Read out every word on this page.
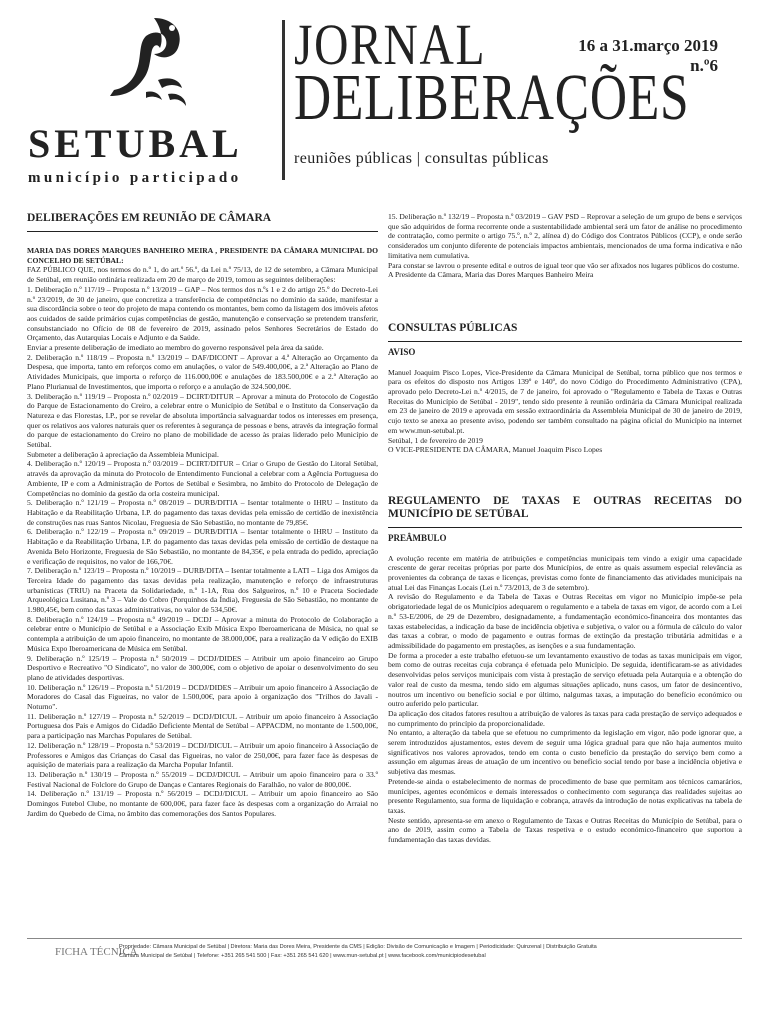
SETUBAL
município participado
JORNAL
DELIBERAÇÕES
16 a 31.março 2019
n.º6
reuniões públicas | consultas públicas
DELIBERAÇÕES EM REUNIÃO DE CÂMARA

MARIA DAS DORES MARQUES BANHEIRO MEIRA , PRESIDENTE DA CÂMARA MUNICIPAL DO CONCELHO DE SETÚBAL:

FAZ PÚBLICO QUE, nos termos do n.º 1, do art.º 56.º, da Lei n.º 75/13, de 12 de setembro, a Câmara Municipal de Setúbal, em reunião ordinária realizada em 20 de março de 2019, tomou as seguintes deliberações:

1. Deliberação n.º 117/19 – Proposta n.º 13/2019 – GAP – Nos termos dos n.ºs 1 e 2 do artigo 25.º do Decreto-Lei n.º 23/2019, de 30 de janeiro, que concretiza a transferência de competências no domínio da saúde, manifestar a sua discordância sobre o teor do projeto de mapa contendo os montantes, bem como da listagem dos imóveis afetos aos cuidados de saúde primários cujas competências de gestão, manutenção e conservação se pretendem transferir, consubstanciado no Ofício de 08 de fevereiro de 2019, assinado pelos Senhores Secretários de Estado do Orçamento, das Autarquias Locais e Adjunto e da Saúde.

Enviar a presente deliberação de imediato ao membro do governo responsável pela área da saúde.

2. Deliberação n.º 118/19 – Proposta n.º 13/2019 – DAF/DICONT – Aprovar a 4.ª Alteração ao Orçamento da Despesa, que importa, tanto em reforços como em anulações, o valor de 549.400,00€, a 2.ª Alteração ao Plano de Atividades Municipais, que importa o reforço de 116.000,00€ e anulações de 183.500,00€ e a 2.ª Alteração ao Plano Plurianual de Investimentos, que importa o reforço e a anulação de 324.500,00€.

3. Deliberação n.º 119/19 – Proposta n.º 02/2019 – DCIRT/DITUR – Aprovar a minuta do Protocolo de Cogestão do Parque de Estacionamento do Creiro, a celebrar entre o Município de Setúbal e o Instituto da Conservação da Natureza e das Florestas, I.P., por se revelar de absoluta importância salvaguardar todos os interesses em presença, quer os relativos aos valores naturais quer os referentes à segurança de pessoas e bens, através da integração formal do parque de estacionamento do Creiro no plano de mobilidade de acesso às praias liderado pelo Município de Setúbal.

Submeter a deliberação à apreciação da Assembleia Municipal.

4. Deliberação n.º 120/19 – Proposta n.º 03/2019 – DCIRT/DITUR – Criar o Grupo de Gestão do Litoral Setúbal, através da aprovação da minuta do Protocolo de Entendimento Funcional a celebrar com a Agência Portuguesa do Ambiente, IP e com a Administração de Portos de Setúbal e Sesimbra, no âmbito do Protocolo de Delegação de Competências no domínio da gestão da orla costeira municipal.

5. Deliberação n.º 121/19 – Proposta n.º 08/2019 – DURB/DITIA – Isentar totalmente o IHRU – Instituto da Habitação e da Reabilitação Urbana, I.P. do pagamento das taxas devidas pela emissão de certidão de inexistência de construções nas ruas Santos Nicolau, Freguesia de São Sebastião, no montante de 79,85€.

6. Deliberação n.º 122/19 – Proposta n.º 09/2019 – DURB/DITIA – Isentar totalmente o IHRU – Instituto da Habitação e da Reabilitação Urbana, I.P. do pagamento das taxas devidas pela emissão de certidão de destaque na Avenida Belo Horizonte, Freguesia de São Sebastião, no montante de 84,35€, e pela entrada do pedido, apreciação e verificação de requisitos, no valor de 166,70€.

7. Deliberação n.º 123/19 – Proposta n.º 10/2019 – DURB/DITA – Isentar totalmente a LATI – Liga dos Amigos da Terceira Idade do pagamento das taxas devidas pela realização, manutenção e reforço de infraestruturas urbanísticas (TRIU) na Praceta da Solidariedade, n.º 1-1A, Rua dos Salgueiros, n.º 10 e Praceta Sociedade Arqueológica Lusitana, n.º 3 – Vale do Cobro (Porquinhos da Índia), Freguesia de São Sebastião, no montante de 1.980,45€, bem como das taxas administrativas, no valor de 534,50€.

8. Deliberação n.º 124/19 – Proposta n.º 49/2019 – DCDJ – Aprovar a minuta do Protocolo de Colaboração a celebrar entre o Município de Setúbal e a Associação Exib Música Expo Iberoamericana de Música, no qual se contempla a atribuição de um apoio financeiro, no montante de 38.000,00€, para a realização da V edição do EXIB Música Expo Iberoamericana de Música em Setúbal.

9. Deliberação n.º 125/19 – Proposta n.º 50/2019 – DCDJ/DIDES – Atribuir um apoio financeiro ao Grupo Desportivo e Recreativo "O Sindicato", no valor de 300,00€, com o objetivo de apoiar o desenvolvimento do seu plano de atividades desportivas.

10. Deliberação n.º 126/19 – Proposta n.º 51/2019 – DCDJ/DIDES – Atribuir um apoio financeiro à Associação de Moradores do Casal das Figueiras, no valor de 1.500,00€, para apoio à organização dos "Trilhos do Javali - Noturno".

11. Deliberação n.º 127/19 – Proposta n.º 52/2019 – DCDJ/DICUL – Atribuir um apoio financeiro à Associação Portuguesa dos Pais e Amigos do Cidadão Deficiente Mental de Setúbal – APPACDM, no montante de 1.500,00€, para a participação nas Marchas Populares de Setúbal.

12. Deliberação n.º 128/19 – Proposta n.º 53/2019 – DCDJ/DICUL – Atribuir um apoio financeiro à Associação de Professores e Amigos das Crianças do Casal das Figueiras, no valor de 250,00€, para fazer face às despesas de aquisição de materiais para a realização da Marcha Popular Infantil.

13. Deliberação n.º 130/19 – Proposta n.º 55/2019 – DCDJ/DICUL – Atribuir um apoio financeiro para o 33.º Festival Nacional de Folclore do Grupo de Danças e Cantares Regionais do Faralhão, no valor de 800,00€.

14. Deliberação n.º 131/19 – Proposta n.º 56/2019 – DCDJ/DICUL – Atribuir um apoio financeiro ao São Domingos Futebol Clube, no montante de 600,00€, para fazer face às despesas com a organização do Arraial no Jardim do Quebedo de Cima, no âmbito das comemorações dos Santos Populares.

15. Deliberação n.º 132/19 – Proposta n.º 03/2019 – GAV PSD – Reprovar a seleção de um grupo de bens e serviços que são adquiridos de forma recorrente onde a sustentabilidade ambiental será um fator de análise no procedimento de contratação, como permite o artigo 75.º, n.º 2, alínea d) do Código dos Contratos Públicos (CCP), e onde serão considerados um conjunto diferente de potenciais impactos ambientais, mencionados de uma forma indicativa e não limitativa nem cumulativa.

Para constar se lavrou o presente edital e outros de igual teor que vão ser afixados nos lugares públicos do costume.

A Presidente da Câmara, Maria das Dores Marques Banheiro Meira

CONSULTAS PÚBLICAS
AVISO

Manuel Joaquim Pisco Lopes, Vice-Presidente da Câmara Municipal de Setúbal, torna público que nos termos e para os efeitos do disposto nos Artigos 139º e 140º, do novo Código do Procedimento Administrativo (CPA), aprovado pelo Decreto-Lei n.º 4/2015, de 7 de janeiro, foi aprovado o "Regulamento e Tabela de Taxas e Outras Receitas do Município de Setúbal - 2019", tendo sido presente à reunião ordinária da Câmara Municipal realizada em 23 de janeiro de 2019 e aprovada em sessão extraordinária da Assembleia Municipal de 30 de janeiro de 2019, cujo texto se anexa ao presente aviso, podendo ser também consultado na página oficial do Município na internet em www.mun-setubal.pt.

Setúbal, 1 de fevereiro de 2019

O VICE-PRESIDENTE DA CÂMARA, Manuel Joaquim Pisco Lopes

REGULAMENTO DE TAXAS E OUTRAS RECEITAS DO MUNICÍPIO DE SETÚBAL
PREÂMBULO

A evolução recente em matéria de atribuições e competências municipais tem vindo a exigir uma capacidade crescente de gerar receitas próprias por parte dos Municípios, de entre as quais assumem especial relevância as provenientes da cobrança de taxas e licenças, previstas como fonte de financiamento das atividades municipais na atual Lei das Finanças Locais (Lei n.º 73/2013, de 3 de setembro).

A revisão do Regulamento e da Tabela de Taxas e Outras Receitas em vigor no Município impõe-se pela obrigatoriedade legal de os Municípios adequarem o regulamento e a tabela de taxas em vigor, de acordo com a Lei n.º 53-E/2006, de 29 de Dezembro, designadamente, a fundamentação económico-financeira dos montantes das taxas estabelecidas, a indicação da base de incidência objetiva e subjetiva, o valor ou a fórmula de cálculo do valor das taxas a cobrar, o modo de pagamento e outras formas de extinção da prestação tributária admitidas e a admissibilidade do pagamento em prestações, as isenções e a sua fundamentação.

De forma a proceder a este trabalho efetuou-se um levantamento exaustivo de todas as taxas municipais em vigor, bem como de outras receitas cuja cobrança é efetuada pelo Município. De seguida, identificaram-se as atividades desenvolvidas pelos serviços municipais com vista à prestação de serviço efetuada pela Autarquia e a obtenção do valor real de custo da mesma, tendo sido em algumas situações aplicado, nuns casos, um fator de desincentivo, noutros um incentivo ou benefício social e por último, nalgumas taxas, a imputação do benefício económico ou outro auferido pelo particular.

Da aplicação dos citados fatores resultou a atribuição de valores às taxas para cada prestação de serviço adequados e no cumprimento do princípio da proporcionalidade.

No entanto, a alteração da tabela que se efetuou no cumprimento da legislação em vigor, não pode ignorar que, a serem introduzidos ajustamentos, estes devem de seguir uma lógica gradual para que não haja aumentos muito significativos nos valores aprovados, tendo em conta o custo benefício da prestação do serviço bem como a assunção em algumas áreas de atuação de um incentivo ou benefício social tendo por base a incidência objetiva e subjetiva das mesmas.

Pretende-se ainda o estabelecimento de normas de procedimento de base que permitam aos técnicos camarários, munícipes, agentes económicos e demais interessados o conhecimento com segurança das realidades sujeitas ao presente Regulamento, sua forma de liquidação e cobrança, através da introdução de notas explicativas na tabela de taxas.

Neste sentido, apresenta-se em anexo o Regulamento de Taxas e Outras Receitas do Município de Setúbal, para o ano de 2019, assim como a Tabela de Taxas respetiva e o estudo económico-financeiro que suportou a fundamentação das taxas devidas.

FICHA TÉCNICA
Propriedade: Câmara Municipal de Setúbal | Diretora: Maria das Dores Meira, Presidente da CMS | Edição: Divisão de Comunicação e Imagem | Periodicidade: Quinzenal | Distribuição Gratuita
Câmara Municipal de Setúbal | Telefone: +351 265 541 500 | Fax: +351 265 541 620 | www.mun-setubal.pt | www.facebook.com/municipiodesetubal
